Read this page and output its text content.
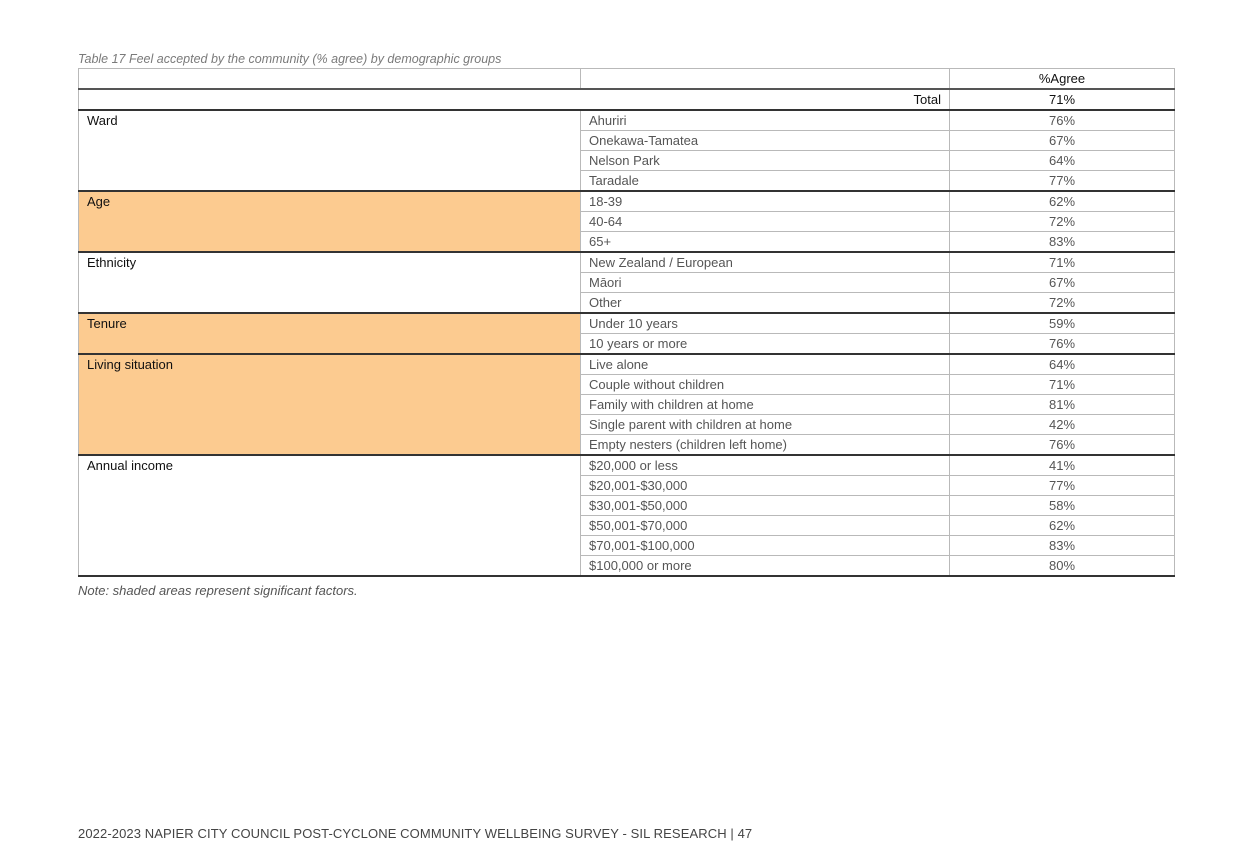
Table 17 Feel accepted by the community (% agree) by demographic groups
		%Agree
Total		71%
Ward	Ahuriri	76%
	Onekawa-Tamatea	67%
	Nelson Park	64%
	Taradale	77%
Age	18-39	62%
	40-64	72%
	65+	83%
Ethnicity	New Zealand / European	71%
	Māori	67%
	Other	72%
Tenure	Under 10 years	59%
	10 years or more	76%
Living situation	Live alone	64%
	Couple without children	71%
	Family with children at home	81%
	Single parent with children at home	42%
	Empty nesters (children left home)	76%
Annual income	$20,000 or less	41%
	$20,001-$30,000	77%
	$30,001-$50,000	58%
	$50,001-$70,000	62%
	$70,001-$100,000	83%
	$100,000 or more	80%
Note: shaded areas represent significant factors.
2022-2023 NAPIER CITY COUNCIL POST-CYCLONE COMMUNITY WELLBEING SURVEY - SIL RESEARCH | 47
